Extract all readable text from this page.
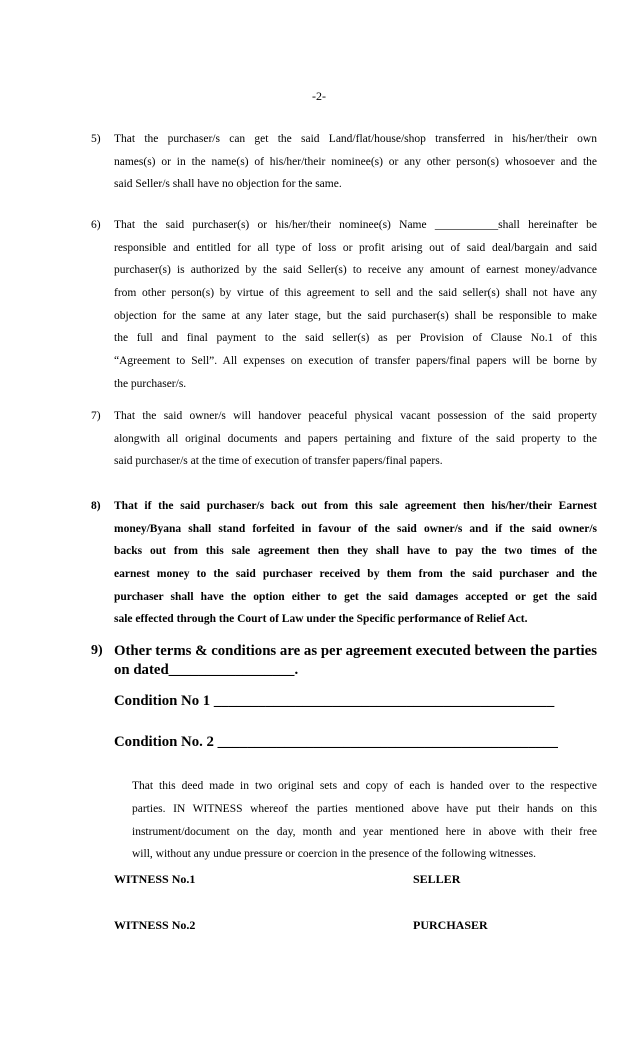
-2-
5) That the purchaser/s can get the said Land/flat/house/shop transferred in his/her/their own
names(s) or in the name(s) of his/her/their nominee(s) or any other person(s) whosoever and the
said Seller/s shall have no objection for the same.
6) That the said purchaser(s) or his/her/their nominee(s) Name ___________shall hereinafter be
responsible and entitled for all type of loss or profit arising out of said deal/bargain and said
purchaser(s) is authorized by the said Seller(s) to receive any amount of earnest money/advance
from other person(s) by virtue of this agreement to sell and the said seller(s) shall not have any
objection for the same at any later stage, but the said purchaser(s) shall be responsible to make
the full and final payment to the said seller(s) as per Provision of Clause No.1 of this
“Agreement to Sell”. All expenses on execution of transfer papers/final papers will be borne by
the purchaser/s.
7) That the said owner/s will handover peaceful physical vacant possession of the said property
alongwith all original documents and papers pertaining and fixture of the said property to the
said purchaser/s at the time of execution of transfer papers/final papers.
8) That if the said purchaser/s back out from this sale agreement then his/her/their Earnest
money/Byana shall stand forfeited in favour of the said owner/s and if the said owner/s
backs out from this sale agreement then they shall have to pay the two times of the
earnest money to the said purchaser received by them from the said purchaser and the
purchaser shall have the option either to get the said damages accepted or get the said
sale effected through the Court of Law under the Specific performance of Relief Act.
9) Other terms & conditions are as per agreement executed between the parties
on dated_________________.
Condition No 1 ______________________________________________
Condition No. 2 ______________________________________________
That this deed made in two original sets and copy of each is handed over to the respective
parties. IN WITNESS whereof the parties mentioned above have put their hands on this
instrument/document on the day, month and year mentioned here in above with their free
will, without any undue pressure or coercion in the presence of the following witnesses.
WITNESS No.1	SELLER
WITNESS No.2	PURCHASER
